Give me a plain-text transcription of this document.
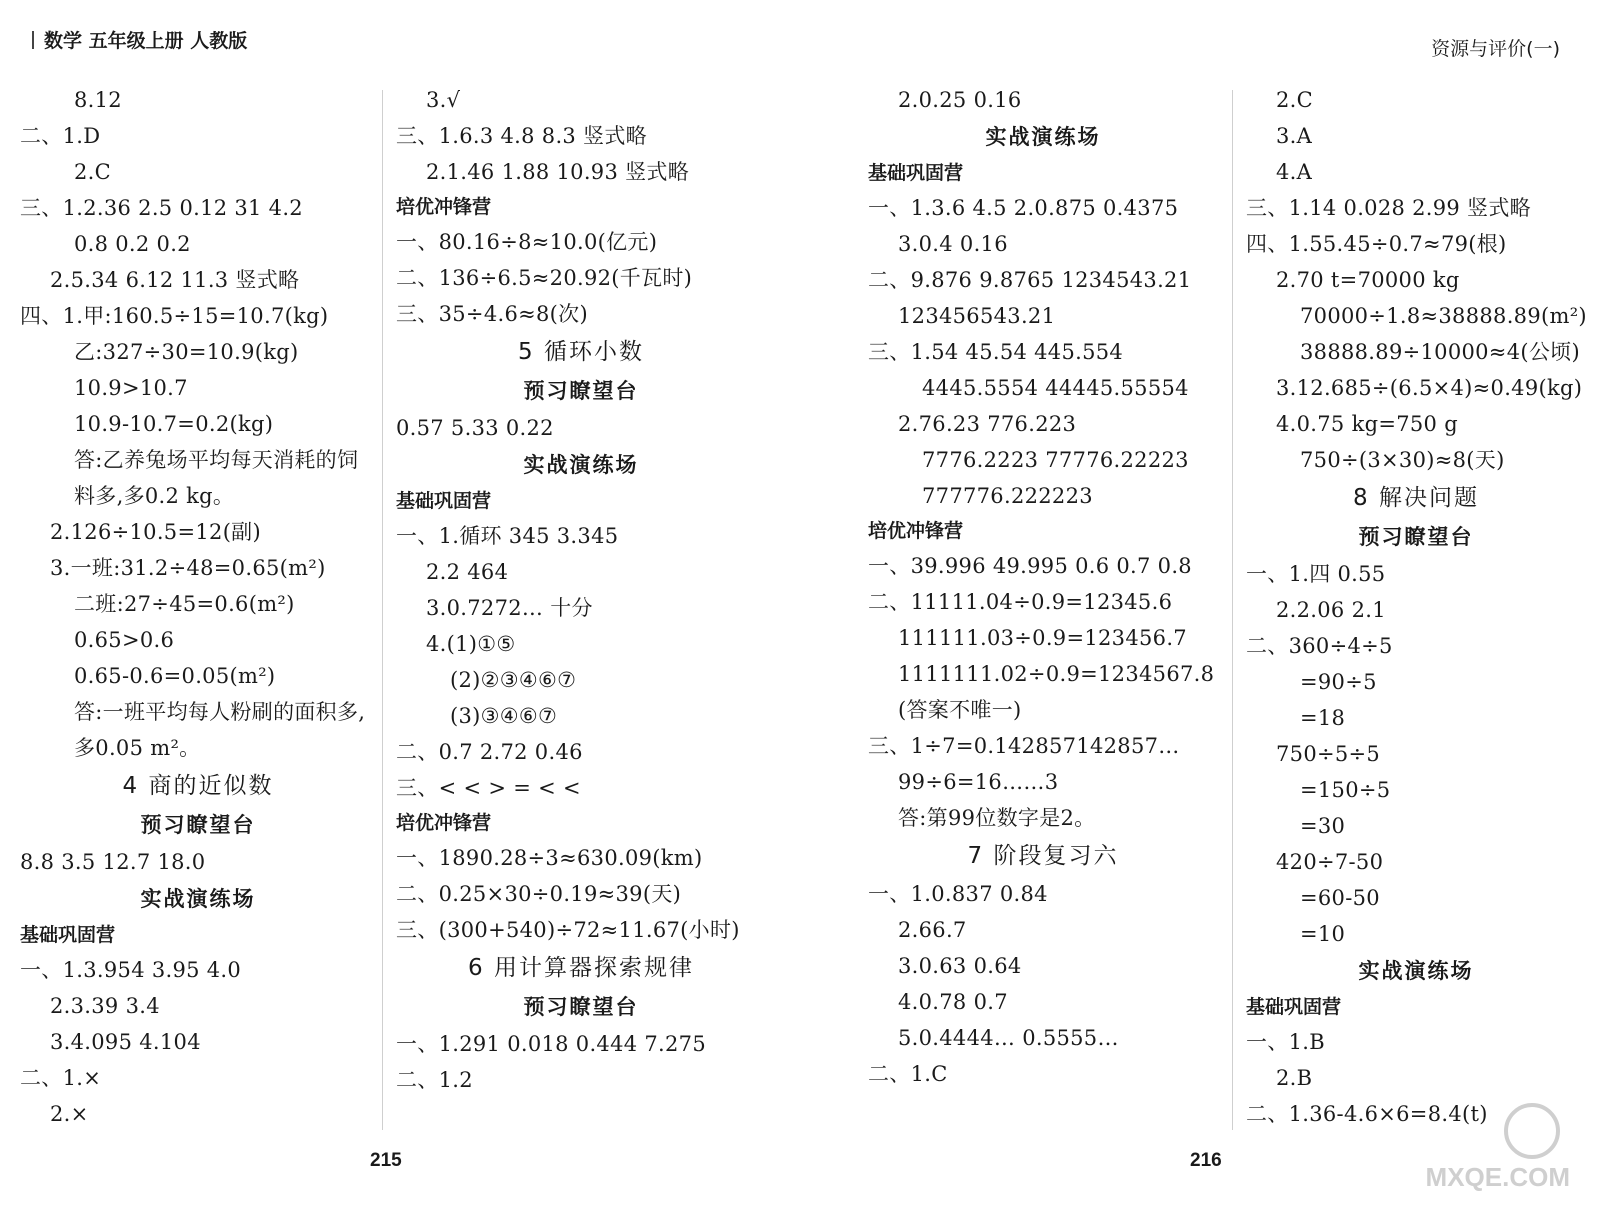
数学 五年级上册 人教版	资源与评价(一)
8.12
二、1.D
2.C
三、1.2.36 2.5 0.12 31 4.2
0.8 0.2 0.2
2.5.34 6.12 11.3 竖式略
四、1.甲:160.5÷15=10.7(kg)
乙:327÷30=10.9(kg)
10.9>10.7
10.9-10.7=0.2(kg)
答:乙养兔场平均每天消耗的饲
料多,多0.2 kg。
2.126÷10.5=12(副)
3.一班:31.2÷48=0.65(m²)
二班:27÷45=0.6(m²)
0.65>0.6
0.65-0.6=0.05(m²)
答:一班平均每人粉刷的面积多,
多0.05 m²。
4 商的近似数
预习瞭望台
8.8 3.5 12.7 18.0
实战演练场
基础巩固营
一、1.3.954 3.95 4.0
2.3.39 3.4
3.4.095 4.104
二、1.×
2.×
3.√
三、1.6.3 4.8 8.3 竖式略
2.1.46 1.88 10.93 竖式略
培优冲锋营
一、80.16÷8≈10.0(亿元)
二、136÷6.5≈20.92(千瓦时)
三、35÷4.6≈8(次)
5 循环小数
预习瞭望台
0.57 5.33 0.22
实战演练场
基础巩固营
一、1.循环 345 3.345
2.2 464
3.0.7272… 十分
4.(1)①⑤
(2)②③④⑥⑦
(3)③④⑥⑦
二、0.7 2.72 0.46
三、< < > = < <
培优冲锋营
一、1890.28÷3≈630.09(km)
二、0.25×30÷0.19≈39(天)
三、(300+540)÷72≈11.67(小时)
6 用计算器探索规律
预习瞭望台
一、1.291 0.018 0.444 7.275
二、1.2
2.0.25 0.16
实战演练场
基础巩固营
一、1.3.6 4.5 2.0.875 0.4375
3.0.4 0.16
二、9.876 9.8765 1234543.21
123456543.21
三、1.54 45.54 445.554
4445.5554 44445.55554
2.76.23 776.223
7776.2223 77776.22223
777776.222223
培优冲锋营
一、39.996 49.995 0.6 0.7 0.8
二、11111.04÷0.9=12345.6
111111.03÷0.9=123456.7
1111111.02÷0.9=1234567.8
(答案不唯一)
三、1÷7=0.142857142857…
99÷6=16……3
答:第99位数字是2。
7 阶段复习六
一、1.0.837 0.84
2.66.7
3.0.63 0.64
4.0.78 0.7
5.0.4444… 0.5555…
二、1.C
2.C
3.A
4.A
三、1.14 0.028 2.99 竖式略
四、1.55.45÷0.7≈79(根)
2.70 t=70000 kg
70000÷1.8≈38888.89(m²)
38888.89÷10000≈4(公顷)
3.12.685÷(6.5×4)≈0.49(kg)
4.0.75 kg=750 g
750÷(3×30)≈8(天)
8 解决问题
预习瞭望台
一、1.四 0.55
2.2.06 2.1
二、360÷4÷5
=90÷5
=18
750÷5÷5
=150÷5
=30
420÷7-50
=60-50
=10
实战演练场
基础巩固营
一、1.B
2.B
二、1.36-4.6×6=8.4(t)
215	216
MXQE.COM
